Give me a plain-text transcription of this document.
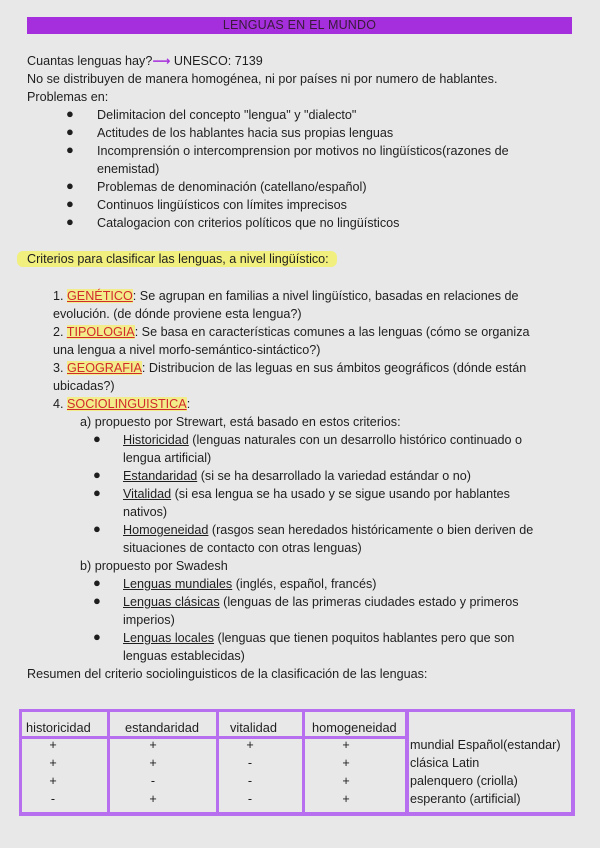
LENGUAS EN EL MUNDO
Cuantas lenguas hay?⟶ UNESCO: 7139
No se distribuyen de manera homogénea, ni por países ni por numero de hablantes.
Problemas en:
● Delimitacion del concepto "lengua" y "dialecto"
● Actitudes de los hablantes hacia sus propias lenguas
● Incomprensión o intercomprension por motivos no lingüísticos(razones de
enemistad)
● Problemas de denominación (catellano/español)
● Continuos lingüísticos con límites imprecisos
● Catalogacion con criterios políticos que no lingüísticos
Criterios para clasificar las lenguas, a nivel lingüístico:
1. GENÉTICO: Se agrupan en familias a nivel lingüístico, basadas en relaciones de
evolución. (de dónde proviene esta lengua?)
2. TIPOLOGIA: Se basa en características comunes a las lenguas (cómo se organiza
una lengua a nivel morfo-semántico-sintáctico?)
3. GEOGRAFIA: Distribucion de las leguas en sus ámbitos geográficos (dónde están
ubicadas?)
4. SOCIOLINGUISTICA:
a) propuesto por Strewart, está basado en estos criterios:
● Historicidad (lenguas naturales con un desarrollo histórico continuado o
lengua artificial)
● Estandaridad (si se ha desarrollado la variedad estándar o no)
● Vitalidad (si esa lengua se ha usado y se sigue usando por hablantes
nativos)
● Homogeneidad (rasgos sean heredados históricamente o bien deriven de
situaciones de contacto con otras lenguas)
b) propuesto por Swadesh
● Lenguas mundiales (inglés, español, francés)
● Lenguas clásicas (lenguas de las primeras ciudades estado y primeros
imperios)
● Lenguas locales (lenguas que tienen poquitos hablantes pero que son
lenguas establecidas)
Resumen del criterio sociolinguisticos de la clasificación de las lenguas:
historicidad	estandaridad vitalidad	homogeneidad
+	+	+	+	mundial Español(estandar)
+	+	-	+	clásica Latin
+	-	-	+	palenquero (criolla)
-	+	-	+	esperanto (artificial)
